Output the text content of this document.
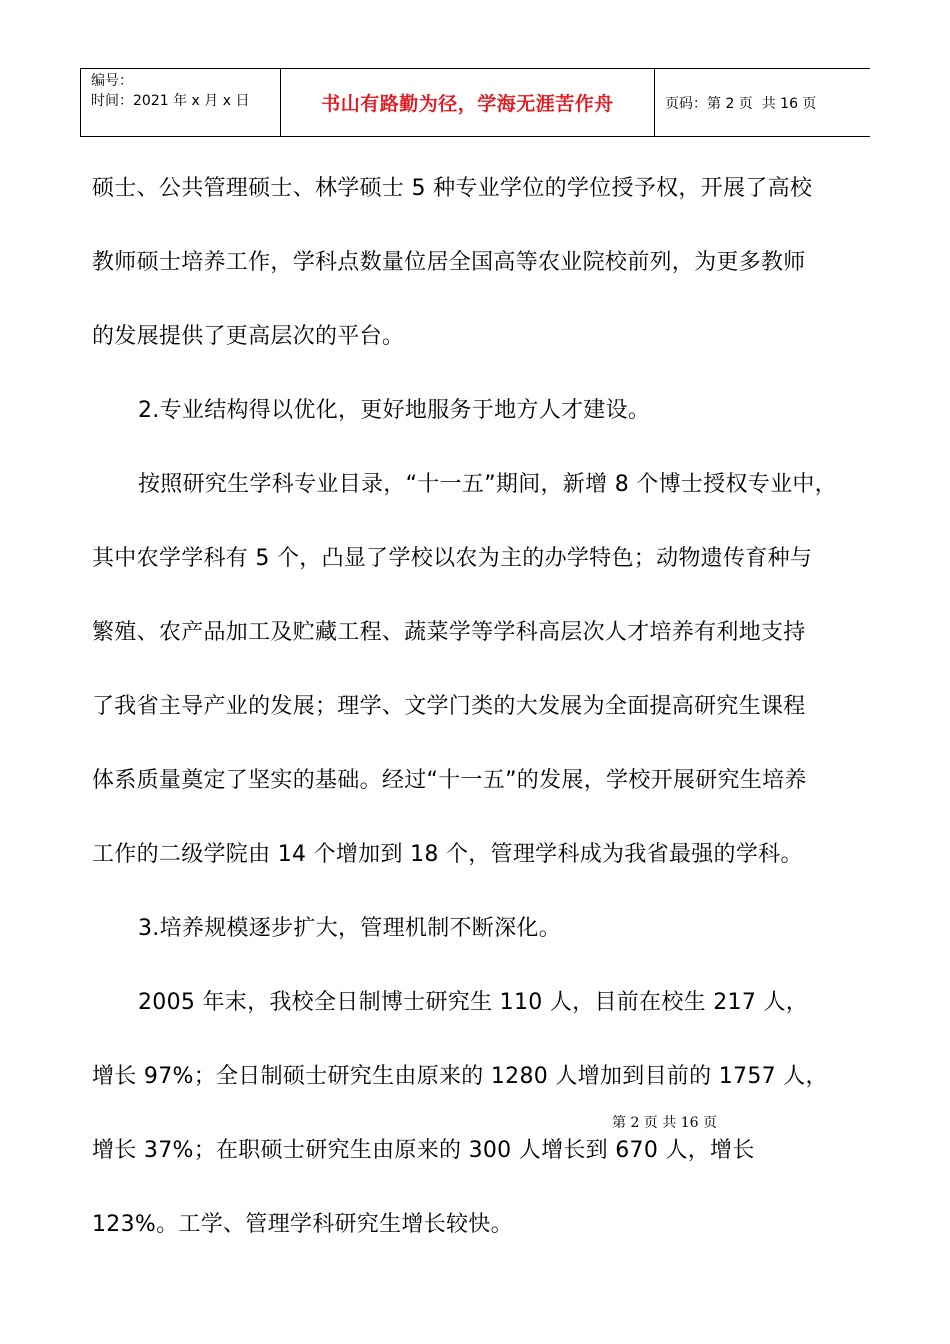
编号：
时间：2021 年 x 月 x 日	书山有路勤为径，学海无涯苦作舟	页码：第 2 页  共 16 页
硕士、公共管理硕士、林学硕士 5 种专业学位的学位授予权，开展了高校
教师硕士培养工作，学科点数量位居全国高等农业院校前列，为更多教师
的发展提供了更高层次的平台。
2.专业结构得以优化，更好地服务于地方人才建设。
按照研究生学科专业目录，“十一五”期间，新增 8 个博士授权专业中，
其中农学学科有 5 个，凸显了学校以农为主的办学特色；动物遗传育种与
繁殖、农产品加工及贮藏工程、蔬菜学等学科高层次人才培养有利地支持
了我省主导产业的发展；理学、文学门类的大发展为全面提高研究生课程
体系质量奠定了坚实的基础。经过“十一五”的发展，学校开展研究生培养
工作的二级学院由 14 个增加到 18 个，管理学科成为我省最强的学科。
3.培养规模逐步扩大，管理机制不断深化。
2005 年末，我校全日制博士研究生 110 人，目前在校生 217 人，
增长 97%；全日制硕士研究生由原来的 1280 人增加到目前的 1757 人，
增长 37%；在职硕士研究生由原来的 300 人增长到 670 人，增长
123%。工学、管理学科研究生增长较快。
第 2 页 共 16 页
